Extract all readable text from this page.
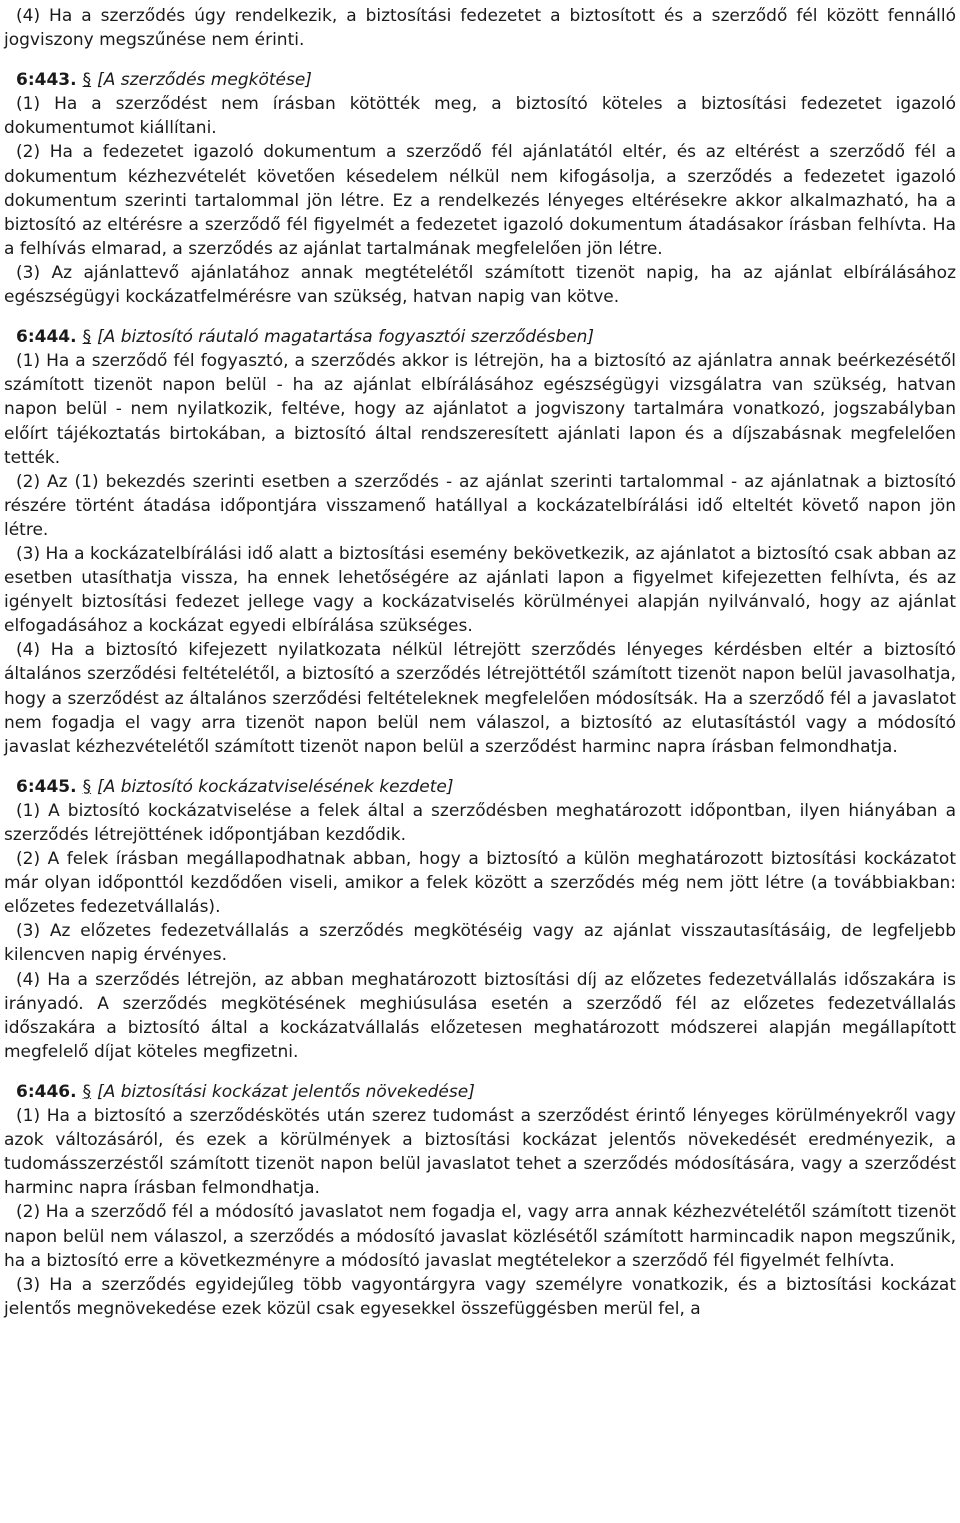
(4) Ha a szerződés úgy rendelkezik, a biztosítási fedezetet a biztosított és a szerződő fél között fennálló jogviszony megszűnése nem érinti.

6:443. § [A szerződés megkötése]

(1) Ha a szerződést nem írásban kötötték meg, a biztosító köteles a biztosítási fedezetet igazoló dokumentumot kiállítani.

(2) Ha a fedezetet igazoló dokumentum a szerződő fél ajánlatától eltér, és az eltérést a szerződő fél a dokumentum kézhezvételét követően késedelem nélkül nem kifogásolja, a szerződés a fedezetet igazoló dokumentum szerinti tartalommal jön létre. Ez a rendelkezés lényeges eltérésekre akkor alkalmazható, ha a biztosító az eltérésre a szerződő fél figyelmét a fedezetet igazoló dokumentum átadásakor írásban felhívta. Ha a felhívás elmarad, a szerződés az ajánlat tartalmának megfelelően jön létre.

(3) Az ajánlattevő ajánlatához annak megtételétől számított tizenöt napig, ha az ajánlat elbírálásához egészségügyi kockázatfelmérésre van szükség, hatvan napig van kötve.

6:444. § [A biztosító ráutaló magatartása fogyasztói szerződésben]

(1) Ha a szerződő fél fogyasztó, a szerződés akkor is létrejön, ha a biztosító az ajánlatra annak beérkezésétől számított tizenöt napon belül - ha az ajánlat elbírálásához egészségügyi vizsgálatra van szükség, hatvan napon belül - nem nyilatkozik, feltéve, hogy az ajánlatot a jogviszony tartalmára vonatkozó, jogszabályban előírt tájékoztatás birtokában, a biztosító által rendszeresített ajánlati lapon és a díjszabásnak megfelelően tették.

(2) Az (1) bekezdés szerinti esetben a szerződés - az ajánlat szerinti tartalommal - az ajánlatnak a biztosító részére történt átadása időpontjára visszamenő hatállyal a kockázatelbírálási idő elteltét követő napon jön létre.

(3) Ha a kockázatelbírálási idő alatt a biztosítási esemény bekövetkezik, az ajánlatot a biztosító csak abban az esetben utasíthatja vissza, ha ennek lehetőségére az ajánlati lapon a figyelmet kifejezetten felhívta, és az igényelt biztosítási fedezet jellege vagy a kockázatviselés körülményei alapján nyilvánvaló, hogy az ajánlat elfogadásához a kockázat egyedi elbírálása szükséges.

(4) Ha a biztosító kifejezett nyilatkozata nélkül létrejött szerződés lényeges kérdésben eltér a biztosító általános szerződési feltételétől, a biztosító a szerződés létrejöttétől számított tizenöt napon belül javasolhatja, hogy a szerződést az általános szerződési feltételeknek megfelelően módosítsák. Ha a szerződő fél a javaslatot nem fogadja el vagy arra tizenöt napon belül nem válaszol, a biztosító az elutasítástól vagy a módosító javaslat kézhezvételétől számított tizenöt napon belül a szerződést harminc napra írásban felmondhatja.

6:445. § [A biztosító kockázatviselésének kezdete]

(1) A biztosító kockázatviselése a felek által a szerződésben meghatározott időpontban, ilyen hiányában a szerződés létrejöttének időpontjában kezdődik.

(2) A felek írásban megállapodhatnak abban, hogy a biztosító a külön meghatározott biztosítási kockázatot már olyan időponttól kezdődően viseli, amikor a felek között a szerződés még nem jött létre (a továbbiakban: előzetes fedezetvállalás).

(3) Az előzetes fedezetvállalás a szerződés megkötéséig vagy az ajánlat visszautasításáig, de legfeljebb kilencven napig érvényes.

(4) Ha a szerződés létrejön, az abban meghatározott biztosítási díj az előzetes fedezetvállalás időszakára is irányadó. A szerződés megkötésének meghiúsulása esetén a szerződő fél az előzetes fedezetvállalás időszakára a biztosító által a kockázatvállalás előzetesen meghatározott módszerei alapján megállapított megfelelő díjat köteles megfizetni.

6:446. § [A biztosítási kockázat jelentős növekedése]

(1) Ha a biztosító a szerződéskötés után szerez tudomást a szerződést érintő lényeges körülményekről vagy azok változásáról, és ezek a körülmények a biztosítási kockázat jelentős növekedését eredményezik, a tudomásszerzéstől számított tizenöt napon belül javaslatot tehet a szerződés módosítására, vagy a szerződést harminc napra írásban felmondhatja.

(2) Ha a szerződő fél a módosító javaslatot nem fogadja el, vagy arra annak kézhezvételétől számított tizenöt napon belül nem válaszol, a szerződés a módosító javaslat közlésétől számított harmincadik napon megszűnik, ha a biztosító erre a következményre a módosító javaslat megtételekor a szerződő fél figyelmét felhívta.

(3) Ha a szerződés egyidejűleg több vagyontárgyra vagy személyre vonatkozik, és a biztosítási kockázat jelentős megnövekedése ezek közül csak egyesekkel összefüggésben merül fel, a
